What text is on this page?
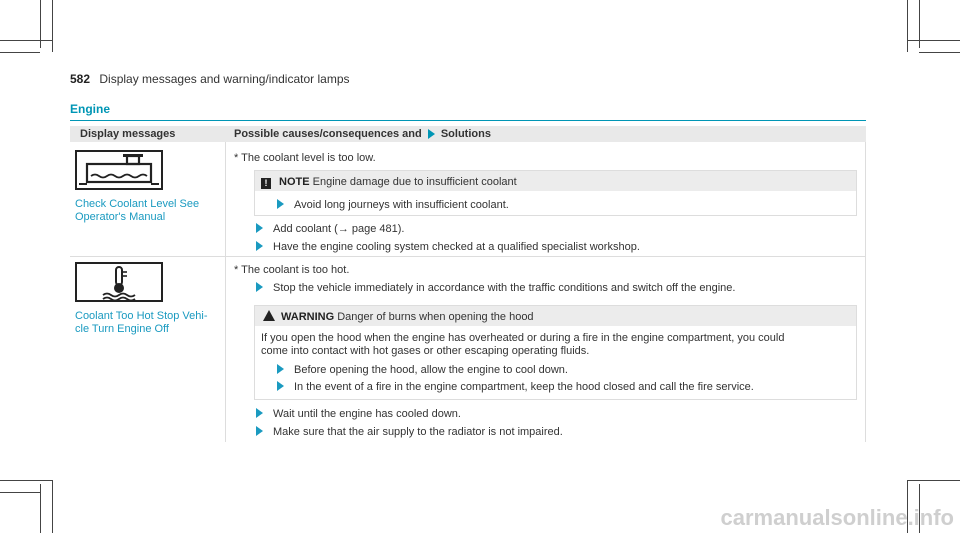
582 Display messages and warning/indicator lamps
Engine
Display messages	Possible causes/consequences and Solutions
Check Coolant Level See
Operator's Manual
* The coolant level is too low.
! NOTE Engine damage due to insufficient coolant
Avoid long journeys with insufficient coolant.
Add coolant (→ page 481).
Have the engine cooling system checked at a qualified specialist workshop.
Coolant Too Hot Stop Vehi-
cle Turn Engine Off
* The coolant is too hot.
Stop the vehicle immediately in accordance with the traffic conditions and switch off the engine.
WARNING Danger of burns when opening the hood
If you open the hood when the engine has overheated or during a fire in the engine compartment, you could
come into contact with hot gases or other escaping operating fluids.
Before opening the hood, allow the engine to cool down.
In the event of a fire in the engine compartment, keep the hood closed and call the fire service.
Wait until the engine has cooled down.
Make sure that the air supply to the radiator is not impaired.
carmanualsonline.info
